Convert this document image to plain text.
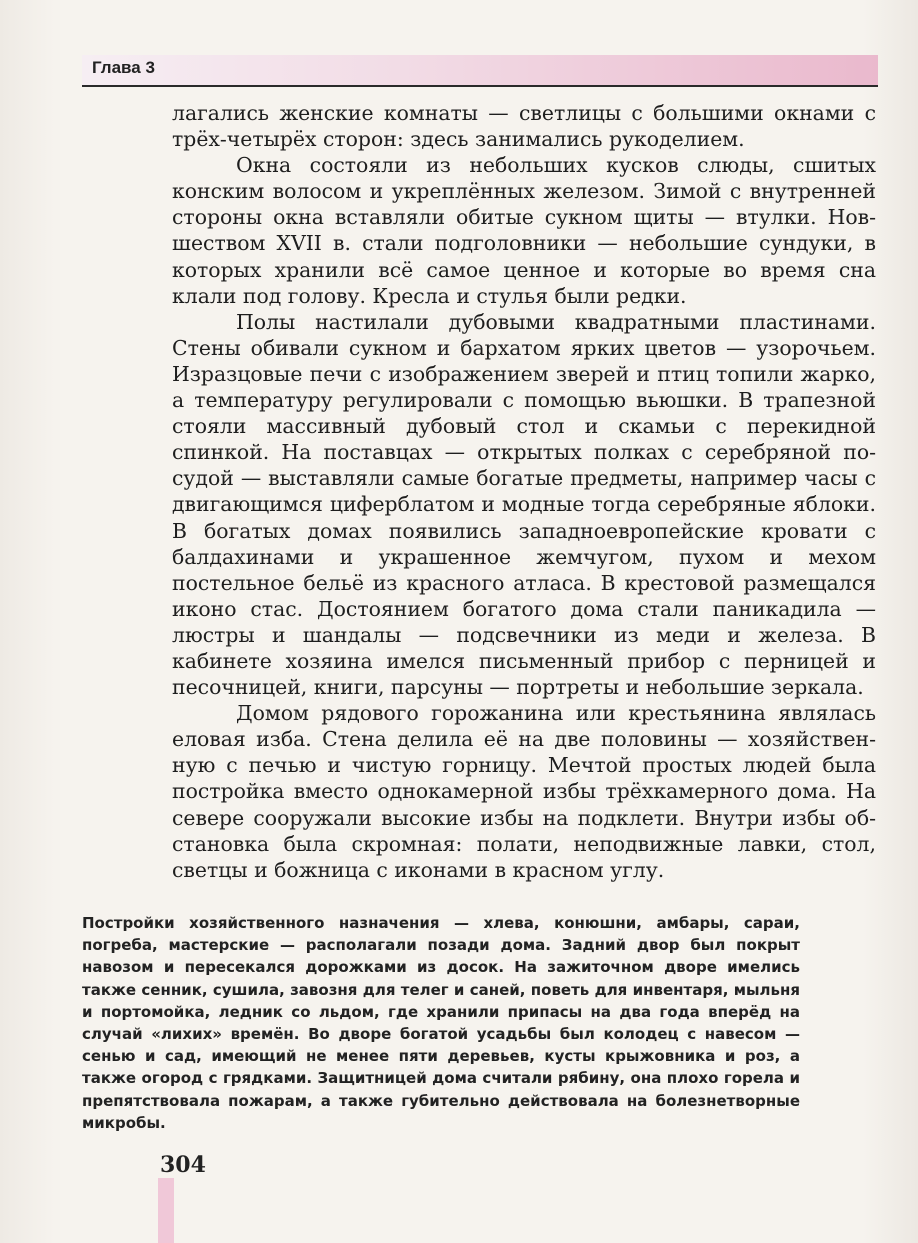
Глава 3

лагались женские комнаты — светлицы с большими окнами с трёх-четырёх сторон: здесь занимались рукоделием.

Окна состояли из небольших кусков слюды, сшитых конским волосом и укреплённых железом. Зимой с внутренней стороны окна вставляли обитые сукном щиты — втулки. Новшеством XVII в. стали подголовники — небольшие сундуки, в которых хранили всё самое ценное и которые во время сна клали под голову. Кресла и стулья были редки.

Полы настилали дубовыми квадратными пластинами. Стены обивали сукном и бархатом ярких цветов — узорочьем. Изразцовые печи с изображением зверей и птиц топили жарко, а температуру регулировали с помощью вьюшки. В трапезной стояли массивный дубовый стол и скамьи с перекидной спинкой. На поставцах — открытых полках с серебряной посудой — выставляли самые богатые предметы, например часы с двигающимся циферблатом и модные тогда серебряные яблоки. В богатых домах появились западноевропейские кровати с балдахинами и украшенное жемчугом, пухом и мехом постельное бельё из красного атласа. В крестовой размещался иконо стас. Достоянием богатого дома стали паникадила — люстры и шандалы — подсвечники из меди и железа. В кабинете хозяина имелся письменный прибор с перницей и песочницей, книги, парсуны — портреты и небольшие зеркала.

Домом рядового горожанина или крестьянина являлась еловая изба. Стена делила её на две половины — хозяйственную с печью и чистую горницу. Мечтой простых людей была постройка вместо однокамерной избы трёхкамерного дома. На севере сооружали высокие избы на подклети. Внутри избы обстановка была скромная: полати, неподвижные лавки, стол, светцы и божница с иконами в красном углу.

Постройки хозяйственного назначения — хлева, конюшни, амбары, сараи, погреба, мастерские — располагали позади дома. Задний двор был покрыт навозом и пересекался дорожками из досок. На зажиточном дворе имелись также сенник, сушила, завозня для телег и саней, поветь для инвентаря, мыльня и портомойка, ледник со льдом, где хранили припасы на два года вперёд на случай «лихих» времён. Во дворе богатой усадьбы был колодец с навесом — сенью и сад, имеющий не менее пяти деревьев, кусты крыжовника и роз, а также огород с грядками. Защитницей дома считали рябину, она плохо горела и препятствовала пожарам, а также губительно действовала на болезнетворные микробы.
304
